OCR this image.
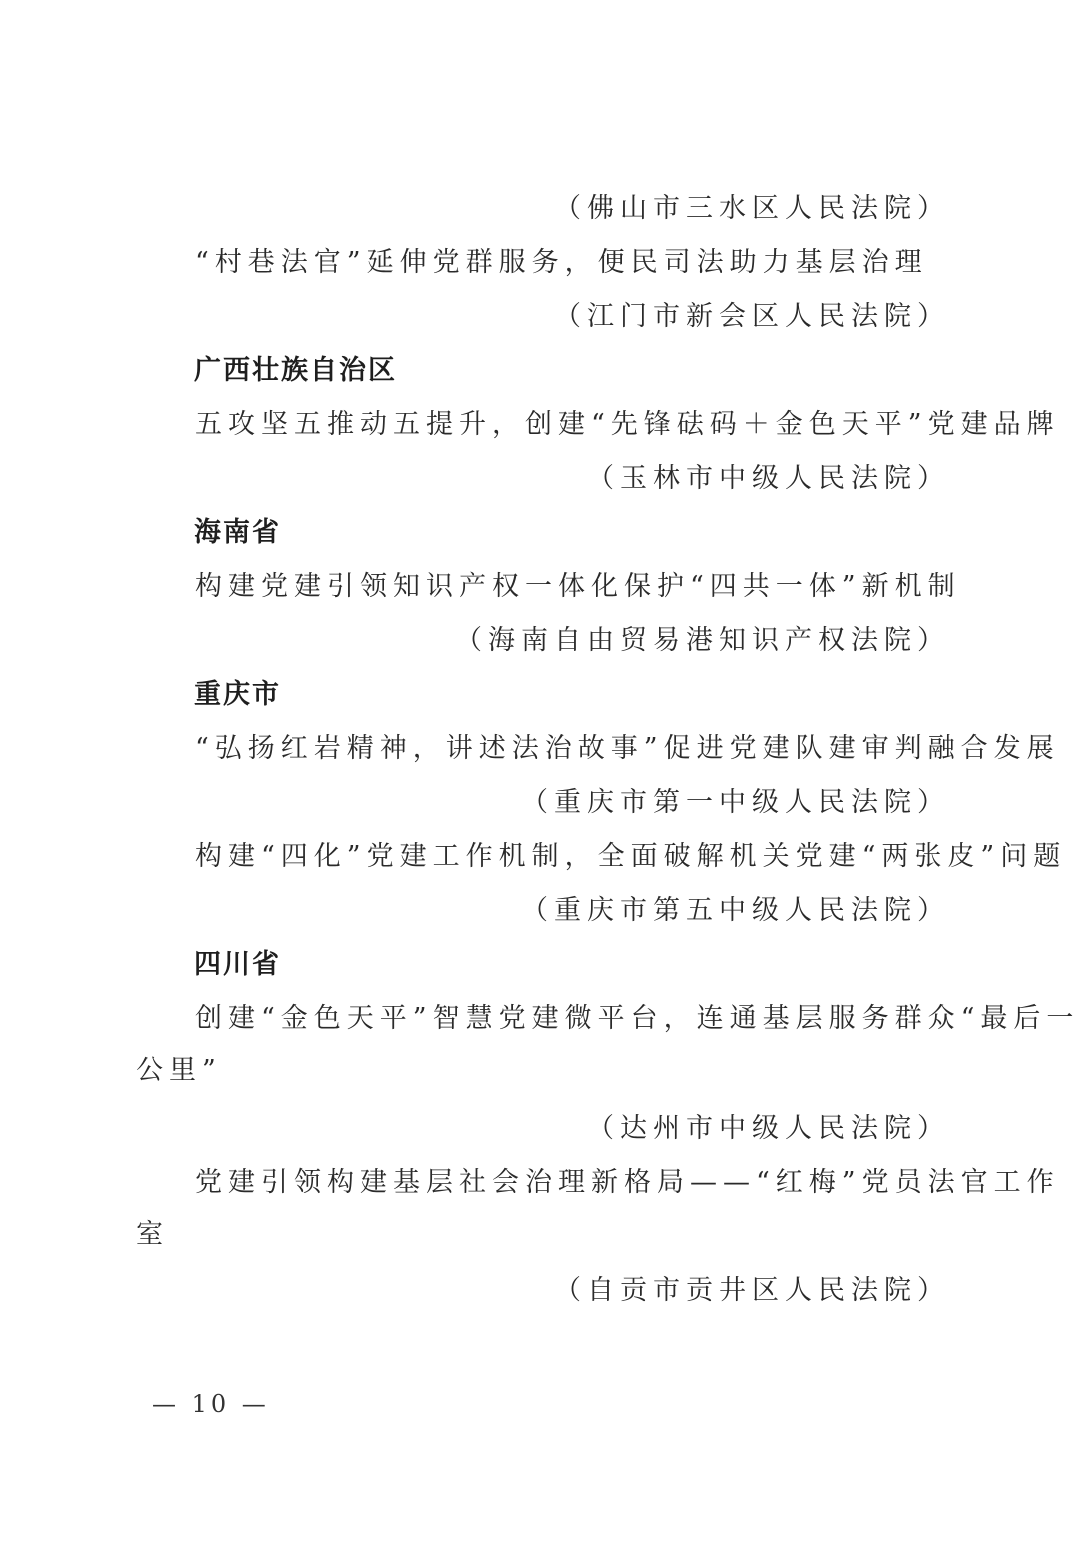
（佛山市三水区人民法院）
“村巷法官”延伸党群服务，便民司法助力基层治理
（江门市新会区人民法院）
广西壮族自治区
五攻坚五推动五提升，创建“先锋砝码＋金色天平”党建品牌
（玉林市中级人民法院）
海南省
构建党建引领知识产权一体化保护“四共一体”新机制
（海南自由贸易港知识产权法院）
重庆市
“弘扬红岩精神，讲述法治故事”促进党建队建审判融合发展
（重庆市第一中级人民法院）
构建“四化”党建工作机制，全面破解机关党建“两张皮”问题
（重庆市第五中级人民法院）
四川省
创建“金色天平”智慧党建微平台，连通基层服务群众“最后一
公里”
（达州市中级人民法院）
党建引领构建基层社会治理新格局——“红梅”党员法官工作
室
（自贡市贡井区人民法院）
— 10 —
